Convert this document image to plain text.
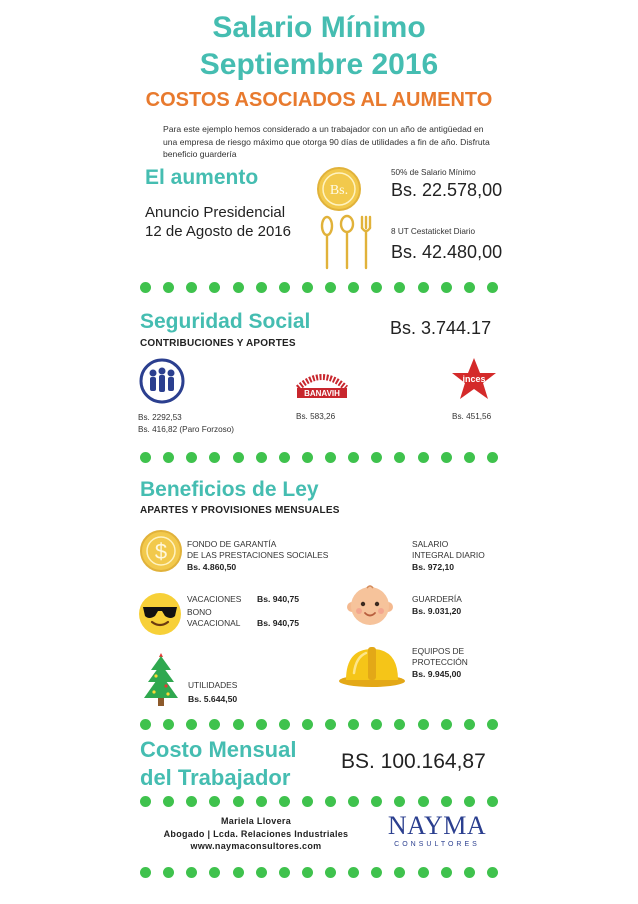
Salario Mínimo
Septiembre 2016
COSTOS ASOCIADOS AL AUMENTO
Para este ejemplo hemos considerado a un trabajador con un año de antigüedad en una empresa de riesgo máximo que otorga 90 días de utilidades a fin de año. Disfruta beneficio guardería
El aumento
Anuncio Presidencial
12 de Agosto de 2016
Bs.
50% de Salario Mínimo
Bs. 22.578,00
8 UT Cestaticket Diario
Bs. 42.480,00
Seguridad Social
CONTRIBUCIONES Y APORTES
Bs. 3.744.17
Bs. 2292,53
Bs. 416,82 (Paro Forzoso)
BANAVIH
Bs. 583,26
inces
Bs. 451,56
Beneficios de Ley
APARTES Y PROVISIONES MENSUALES
$ FONDO DE GARANTÍA
DE LAS PRESTACIONES SOCIALES
Bs. 4.860,50
SALARIO
INTEGRAL DIARIO
Bs. 972,10
VACACIONES Bs. 940,75
BONO
VACACIONAL Bs. 940,75
GUARDERÍA
Bs. 9.031,20
UTILIDADES
Bs. 5.644,50
EQUIPOS DE
PROTECCIÓN
Bs. 9.945,00
Costo Mensual
del Trabajador
BS. 100.164,87
Mariela Llovera
Abogado | Lcda. Relaciones Industriales
www.naymaconsultores.com
NAYMA
CONSULTORES
